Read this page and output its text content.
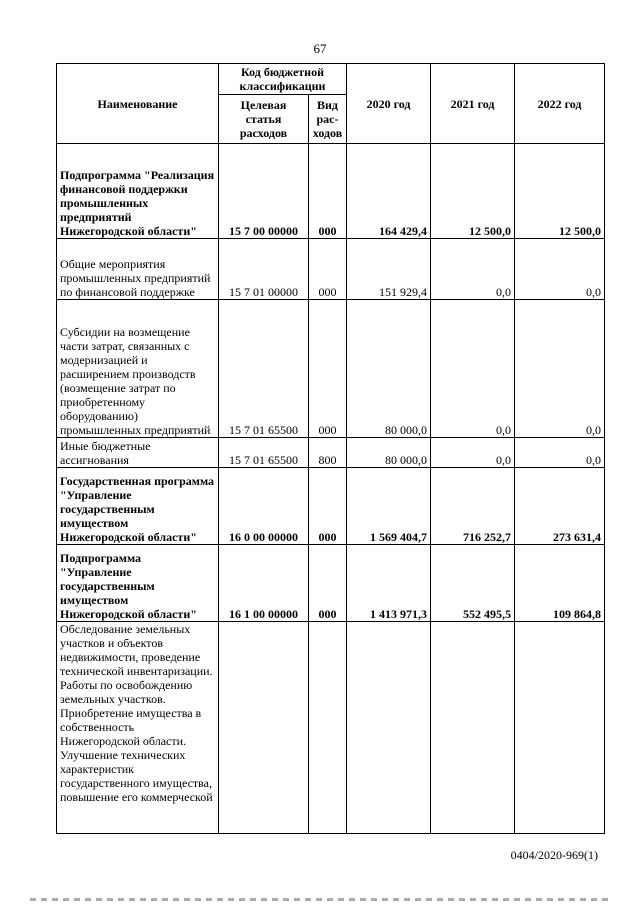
67
Наименование	Код бюджетной классификации		2020 год	2021 год	2022 год
	Целевая статья расходов	Вид рас-ходов			
Подпрограмма "Реализация финансовой поддержки промышленных предприятий Нижегородской области"	15 7 00 00000	000	164 429,4	12 500,0	12 500,0
Общие мероприятия промышленных предприятий по финансовой поддержке	15 7 01 00000	000	151 929,4	0,0	0,0
Субсидии на возмещение части затрат, связанных с модернизацией и расширением производств (возмещение затрат по приобретенному оборудованию) промышленных предприятий	15 7 01 65500	000	80 000,0	0,0	0,0
Иные бюджетные ассигнования	15 7 01 65500	800	80 000,0	0,0	0,0
Государственная программа "Управление государственным имуществом Нижегородской области"	16 0 00 00000	000	1 569 404,7	716 252,7	273 631,4
Подпрограмма "Управление государственным имуществом Нижегородской области"	16 1 00 00000	000	1 413 971,3	552 495,5	109 864,8
Обследование земельных участков и объектов недвижимости, проведение технической инвентаризации. Работы по освобождению земельных участков. Приобретение имущества в собственность Нижегородской области. Улучшение технических характеристик государственного имущества, повышение его коммерческой					
0404/2020-969(1)
